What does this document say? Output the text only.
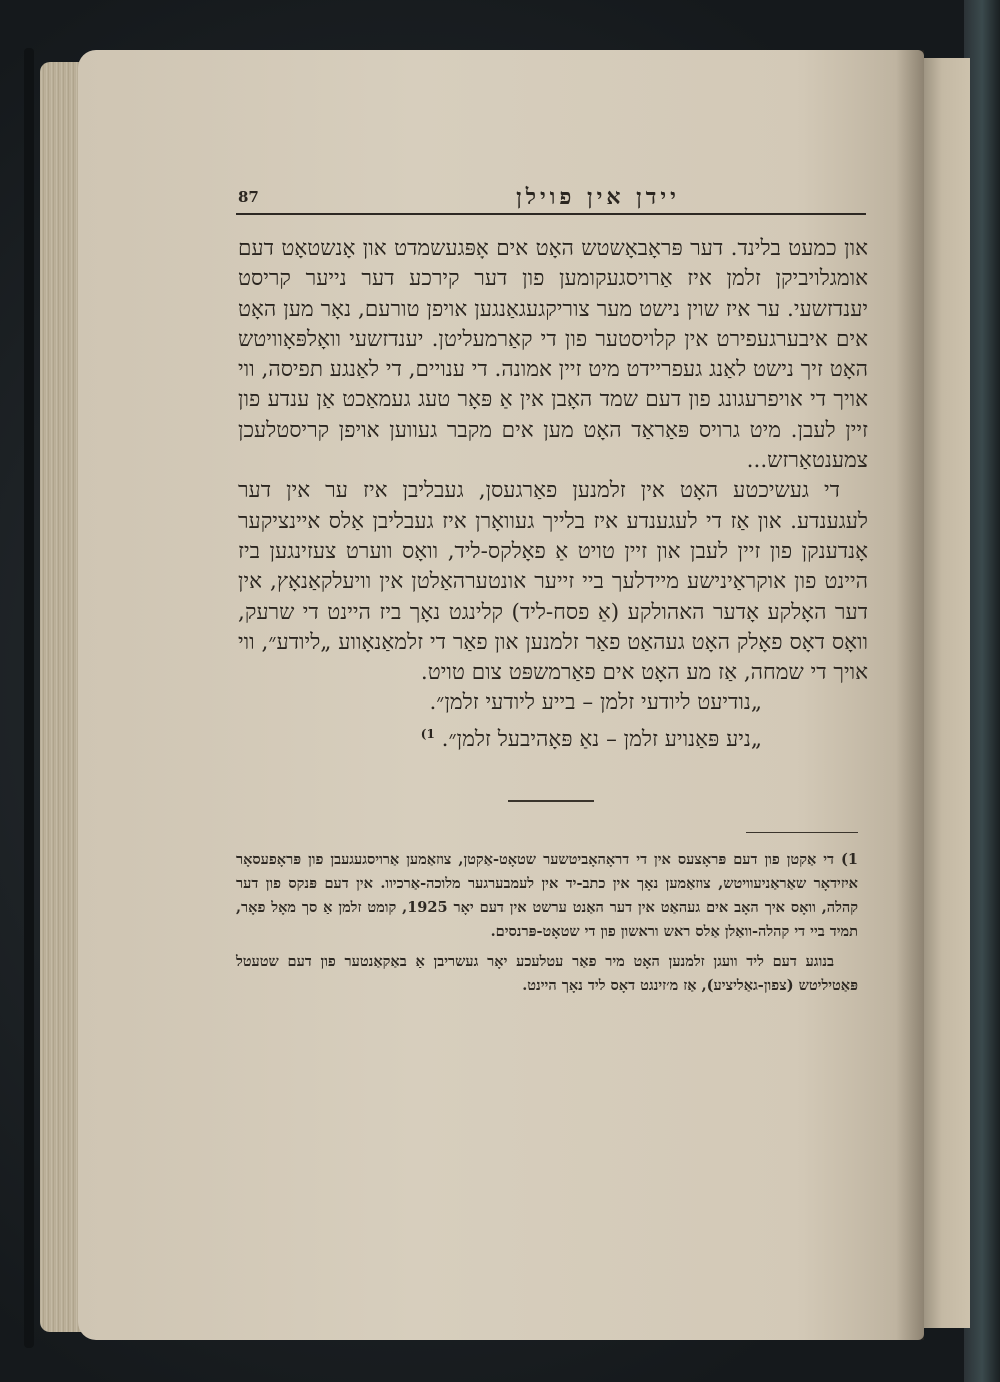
87	יידן אין פוילן

און כמעט בלינד. דער פּראָבאָשטש האָט אים אָפּגעשמדט און אָנשטאָט דעם אומגלויביקן זלמן איז אַרויסגעקומען פון דער קירכע דער נייער קריסט יענדזשעי. ער איז שוין נישט מער צוריקגעגאַנגען אויפן טורעם, נאָר מען האָט אים איבערגעפירט אין קלויסטער פון די קאַרמעליטן. יענדזשעי וואָלפּאָוויטש האָט זיך נישט לאַנג געפריידט מיט זיין אמונה. די ענויים, די לאַנגע תפיסה, ווי אויך די אויפרעגונג פון דעם שמד האָבן אין אַ פּאָר טעג געמאַכט אַן ענדע פון זיין לעבן. מיט גרויס פּאַראַד האָט מען אים מקבר געווען אויפן קריסטלעכן צמענטאַרזש...

די געשיכטע האָט אין זלמנען פאַרגעסן, געבליבן איז ער אין דער לעגענדע. און אַז די לעגענדע איז בלייך געוואָרן איז געבליבן אַלס איינציקער אָנדענקן פון זיין לעבן און זיין טויט אַ פאָלקס-ליד, וואָס ווערט צעזינגען ביז היינט פון אוקראַינישע מיידלעך ביי זייער אונטערהאַלטן אין וויעלקאַנאָץ, אין דער האָלקע אָדער האהולקע (אַ פסח-ליד) קלינגט נאָך ביז היינט די שרעק, וואָס דאָס פאָלק האָט געהאַט פאַר זלמנען און פאַר די זלמאַנאָווע „ליודע״, ווי אויך די שמחה, אַז מע האָט אים פאַרמשפּט צום טויט.

„נודיעט ליודעי זלמן – בייע ליודעי זלמן״.

„ניע פּאַנויע זלמן – נאַ פּאָהיבעל זלמן״. $^{1)}$

1) די אַקטן פון דעם פּראָצעס אין די דראָהאָביטשער שטאָט-אַקטן, צוזאַמען אַרויסגעגעבן פון פּראָפעסאָר איזידאָר שאַראַניעוויטש, צוזאַמען נאָך אין כתב-יד אין לעמבערגער מלוכה-אַרכיוו. אין דעם פּנקס פון דער קהלה, וואָס איך האָב אים געהאַט אין דער האַנט ערשט אין דעם יאָר 1925, קומט זלמן אַ סך מאָל פאָר, תמיד ביי די קהלה-וואַלן אַלס ראש וראשון פון די שטאָט-פּרנסים.

בנוגע דעם ליד וועגן זלמנען האָט מיר פאַר עטלעכע יאָר געשריבן אַ באַקאַנטער פון דעם שטעטל פּאַטיליטש (צפון-גאַליציע), אַז מ׳זינגט דאָס ליד נאָך היינט.
